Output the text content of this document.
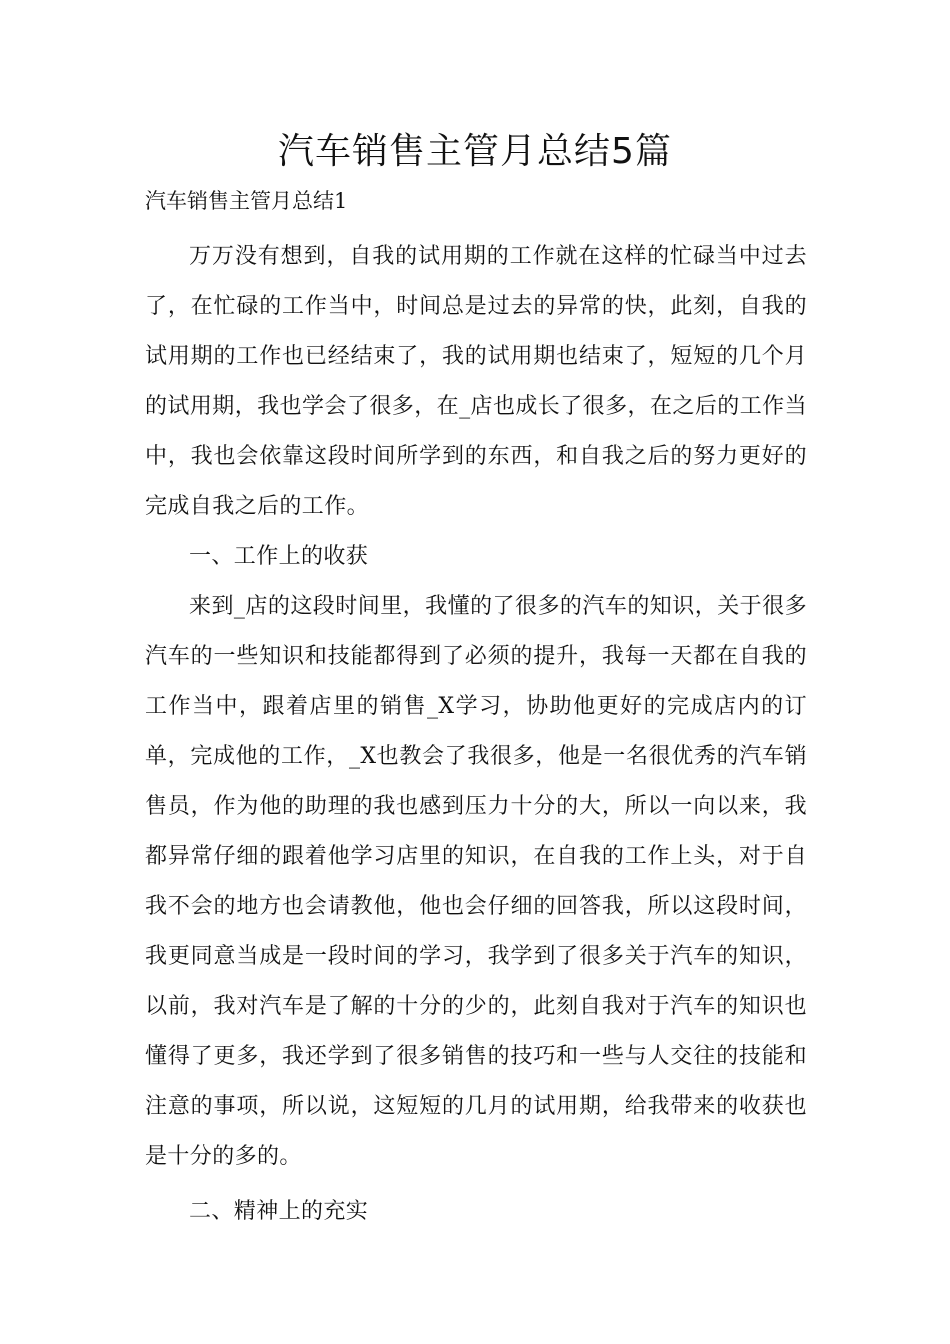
汽车销售主管月总结5篇

汽车销售主管月总结1

万万没有想到，自我的试用期的工作就在这样的忙碌当中过去了，在忙碌的工作当中，时间总是过去的异常的快，此刻，自我的试用期的工作也已经结束了，我的试用期也结束了，短短的几个月的试用期，我也学会了很多，在_店也成长了很多，在之后的工作当中，我也会依靠这段时间所学到的东西，和自我之后的努力更好的完成自我之后的工作。

一、工作上的收获

来到_店的这段时间里，我懂的了很多的汽车的知识，关于很多汽车的一些知识和技能都得到了必须的提升，我每一天都在自我的工作当中，跟着店里的销售_X学习，协助他更好的完成店内的订单，完成他的工作，_X也教会了我很多，他是一名很优秀的汽车销售员，作为他的助理的我也感到压力十分的大，所以一向以来，我都异常仔细的跟着他学习店里的知识，在自我的工作上头，对于自我不会的地方也会请教他，他也会仔细的回答我，所以这段时间，我更同意当成是一段时间的学习，我学到了很多关于汽车的知识，以前，我对汽车是了解的十分的少的，此刻自我对于汽车的知识也懂得了更多，我还学到了很多销售的技巧和一些与人交往的技能和注意的事项，所以说，这短短的几月的试用期，给我带来的收获也是十分的多的。

二、精神上的充实
